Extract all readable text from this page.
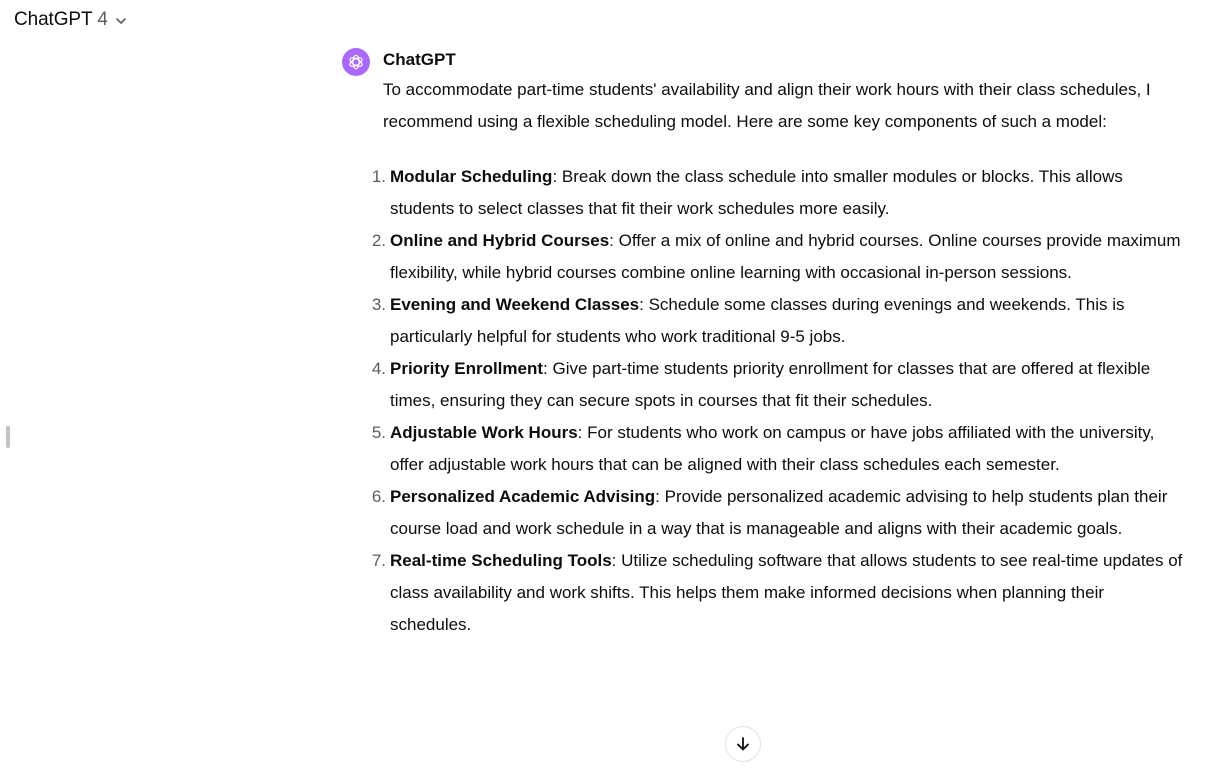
ChatGPT 4
ChatGPT

To accommodate part-time students' availability and align their work hours with their class schedules, I recommend using a flexible scheduling model. Here are some key components of such a model:

1. Modular Scheduling: Break down the class schedule into smaller modules or blocks. This allows students to select classes that fit their work schedules more easily.
2. Online and Hybrid Courses: Offer a mix of online and hybrid courses. Online courses provide maximum flexibility, while hybrid courses combine online learning with occasional in-person sessions.
3. Evening and Weekend Classes: Schedule some classes during evenings and weekends. This is particularly helpful for students who work traditional 9-5 jobs.
4. Priority Enrollment: Give part-time students priority enrollment for classes that are offered at flexible times, ensuring they can secure spots in courses that fit their schedules.
5. Adjustable Work Hours: For students who work on campus or have jobs affiliated with the university, offer adjustable work hours that can be aligned with their class schedules each semester.
6. Personalized Academic Advising: Provide personalized academic advising to help students plan their course load and work schedule in a way that is manageable and aligns with their academic goals.
7. Real-time Scheduling Tools: Utilize scheduling software that allows students to see real-time updates of class availability and work shifts. This helps them make informed decisions when planning their schedules.
